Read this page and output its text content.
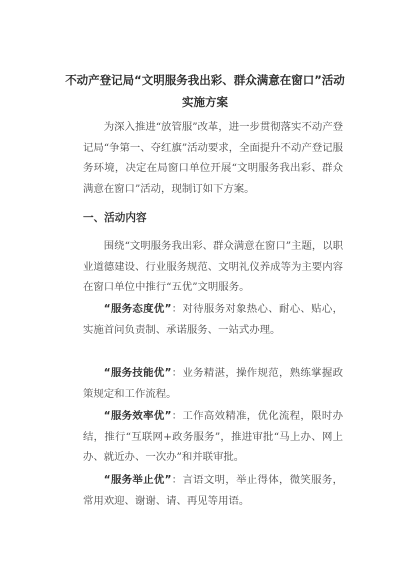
不动产登记局“文明服务我出彩、群众满意在窗口”活动
实施方案
为深入推进“放管服”改革，进一步贯彻落实不动产登记局“争第一、夺红旗”活动要求，全面提升不动产登记服务环境，决定在局窗口单位开展“文明服务我出彩、群众满意在窗口”活动，现制订如下方案。
一、活动内容
围绕“文明服务我出彩、群众满意在窗口”主题，以职业道德建设、行业服务规范、文明礼仪养成等为主要内容在窗口单位中推行“五优”文明服务。
“服务态度优”：对待服务对象热心、耐心、贴心，实施首问负责制、承诺服务、一站式办理。
“服务技能优”：业务精湛，操作规范，熟练掌握政策规定和工作流程。
“服务效率优”：工作高效精准，优化流程，限时办结，推行“互联网+政务服务”，推进审批“马上办、网上办、就近办、一次办”和并联审批。
“服务举止优”：言语文明，举止得体，微笑服务，常用欢迎、谢谢、请、再见等用语。
